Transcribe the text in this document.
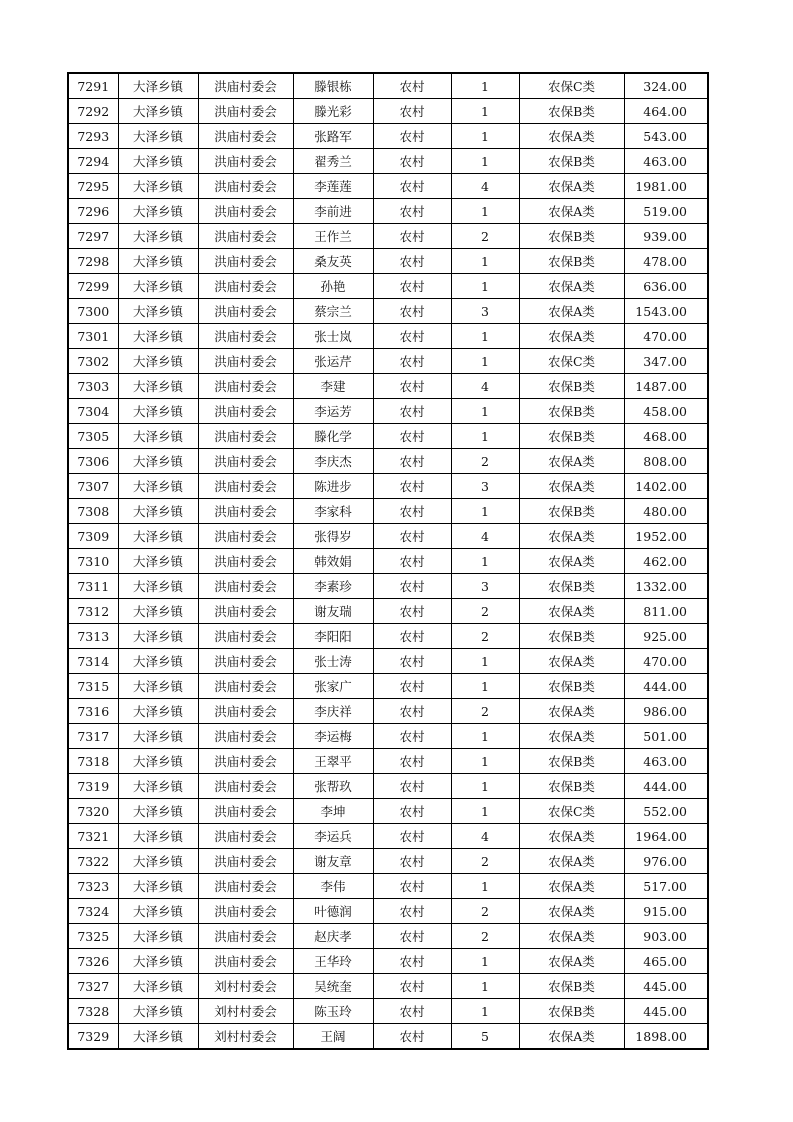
7291	大泽乡镇	洪庙村委会	滕银栋	农村	1	农保C类	324.00
7292	大泽乡镇	洪庙村委会	滕光彩	农村	1	农保B类	464.00
7293	大泽乡镇	洪庙村委会	张路军	农村	1	农保A类	543.00
7294	大泽乡镇	洪庙村委会	翟秀兰	农村	1	农保B类	463.00
7295	大泽乡镇	洪庙村委会	李莲莲	农村	4	农保A类	1981.00
7296	大泽乡镇	洪庙村委会	李前进	农村	1	农保A类	519.00
7297	大泽乡镇	洪庙村委会	王作兰	农村	2	农保B类	939.00
7298	大泽乡镇	洪庙村委会	桑友英	农村	1	农保B类	478.00
7299	大泽乡镇	洪庙村委会	孙艳	农村	1	农保A类	636.00
7300	大泽乡镇	洪庙村委会	蔡宗兰	农村	3	农保A类	1543.00
7301	大泽乡镇	洪庙村委会	张士岚	农村	1	农保A类	470.00
7302	大泽乡镇	洪庙村委会	张运芹	农村	1	农保C类	347.00
7303	大泽乡镇	洪庙村委会	李建	农村	4	农保B类	1487.00
7304	大泽乡镇	洪庙村委会	李运芳	农村	1	农保B类	458.00
7305	大泽乡镇	洪庙村委会	滕化学	农村	1	农保B类	468.00
7306	大泽乡镇	洪庙村委会	李庆杰	农村	2	农保A类	808.00
7307	大泽乡镇	洪庙村委会	陈进步	农村	3	农保A类	1402.00
7308	大泽乡镇	洪庙村委会	李家科	农村	1	农保B类	480.00
7309	大泽乡镇	洪庙村委会	张得岁	农村	4	农保A类	1952.00
7310	大泽乡镇	洪庙村委会	韩效娟	农村	1	农保A类	462.00
7311	大泽乡镇	洪庙村委会	李素珍	农村	3	农保B类	1332.00
7312	大泽乡镇	洪庙村委会	谢友瑞	农村	2	农保A类	811.00
7313	大泽乡镇	洪庙村委会	李阳阳	农村	2	农保B类	925.00
7314	大泽乡镇	洪庙村委会	张士涛	农村	1	农保A类	470.00
7315	大泽乡镇	洪庙村委会	张家广	农村	1	农保B类	444.00
7316	大泽乡镇	洪庙村委会	李庆祥	农村	2	农保A类	986.00
7317	大泽乡镇	洪庙村委会	李运梅	农村	1	农保A类	501.00
7318	大泽乡镇	洪庙村委会	王翠平	农村	1	农保B类	463.00
7319	大泽乡镇	洪庙村委会	张帮玖	农村	1	农保B类	444.00
7320	大泽乡镇	洪庙村委会	李坤	农村	1	农保C类	552.00
7321	大泽乡镇	洪庙村委会	李运兵	农村	4	农保A类	1964.00
7322	大泽乡镇	洪庙村委会	谢友章	农村	2	农保A类	976.00
7323	大泽乡镇	洪庙村委会	李伟	农村	1	农保A类	517.00
7324	大泽乡镇	洪庙村委会	叶德润	农村	2	农保A类	915.00
7325	大泽乡镇	洪庙村委会	赵庆孝	农村	2	农保A类	903.00
7326	大泽乡镇	洪庙村委会	王华玲	农村	1	农保A类	465.00
7327	大泽乡镇	刘村村委会	吴统奎	农村	1	农保B类	445.00
7328	大泽乡镇	刘村村委会	陈玉玲	农村	1	农保B类	445.00
7329	大泽乡镇	刘村村委会	王阔	农村	5	农保A类	1898.00
